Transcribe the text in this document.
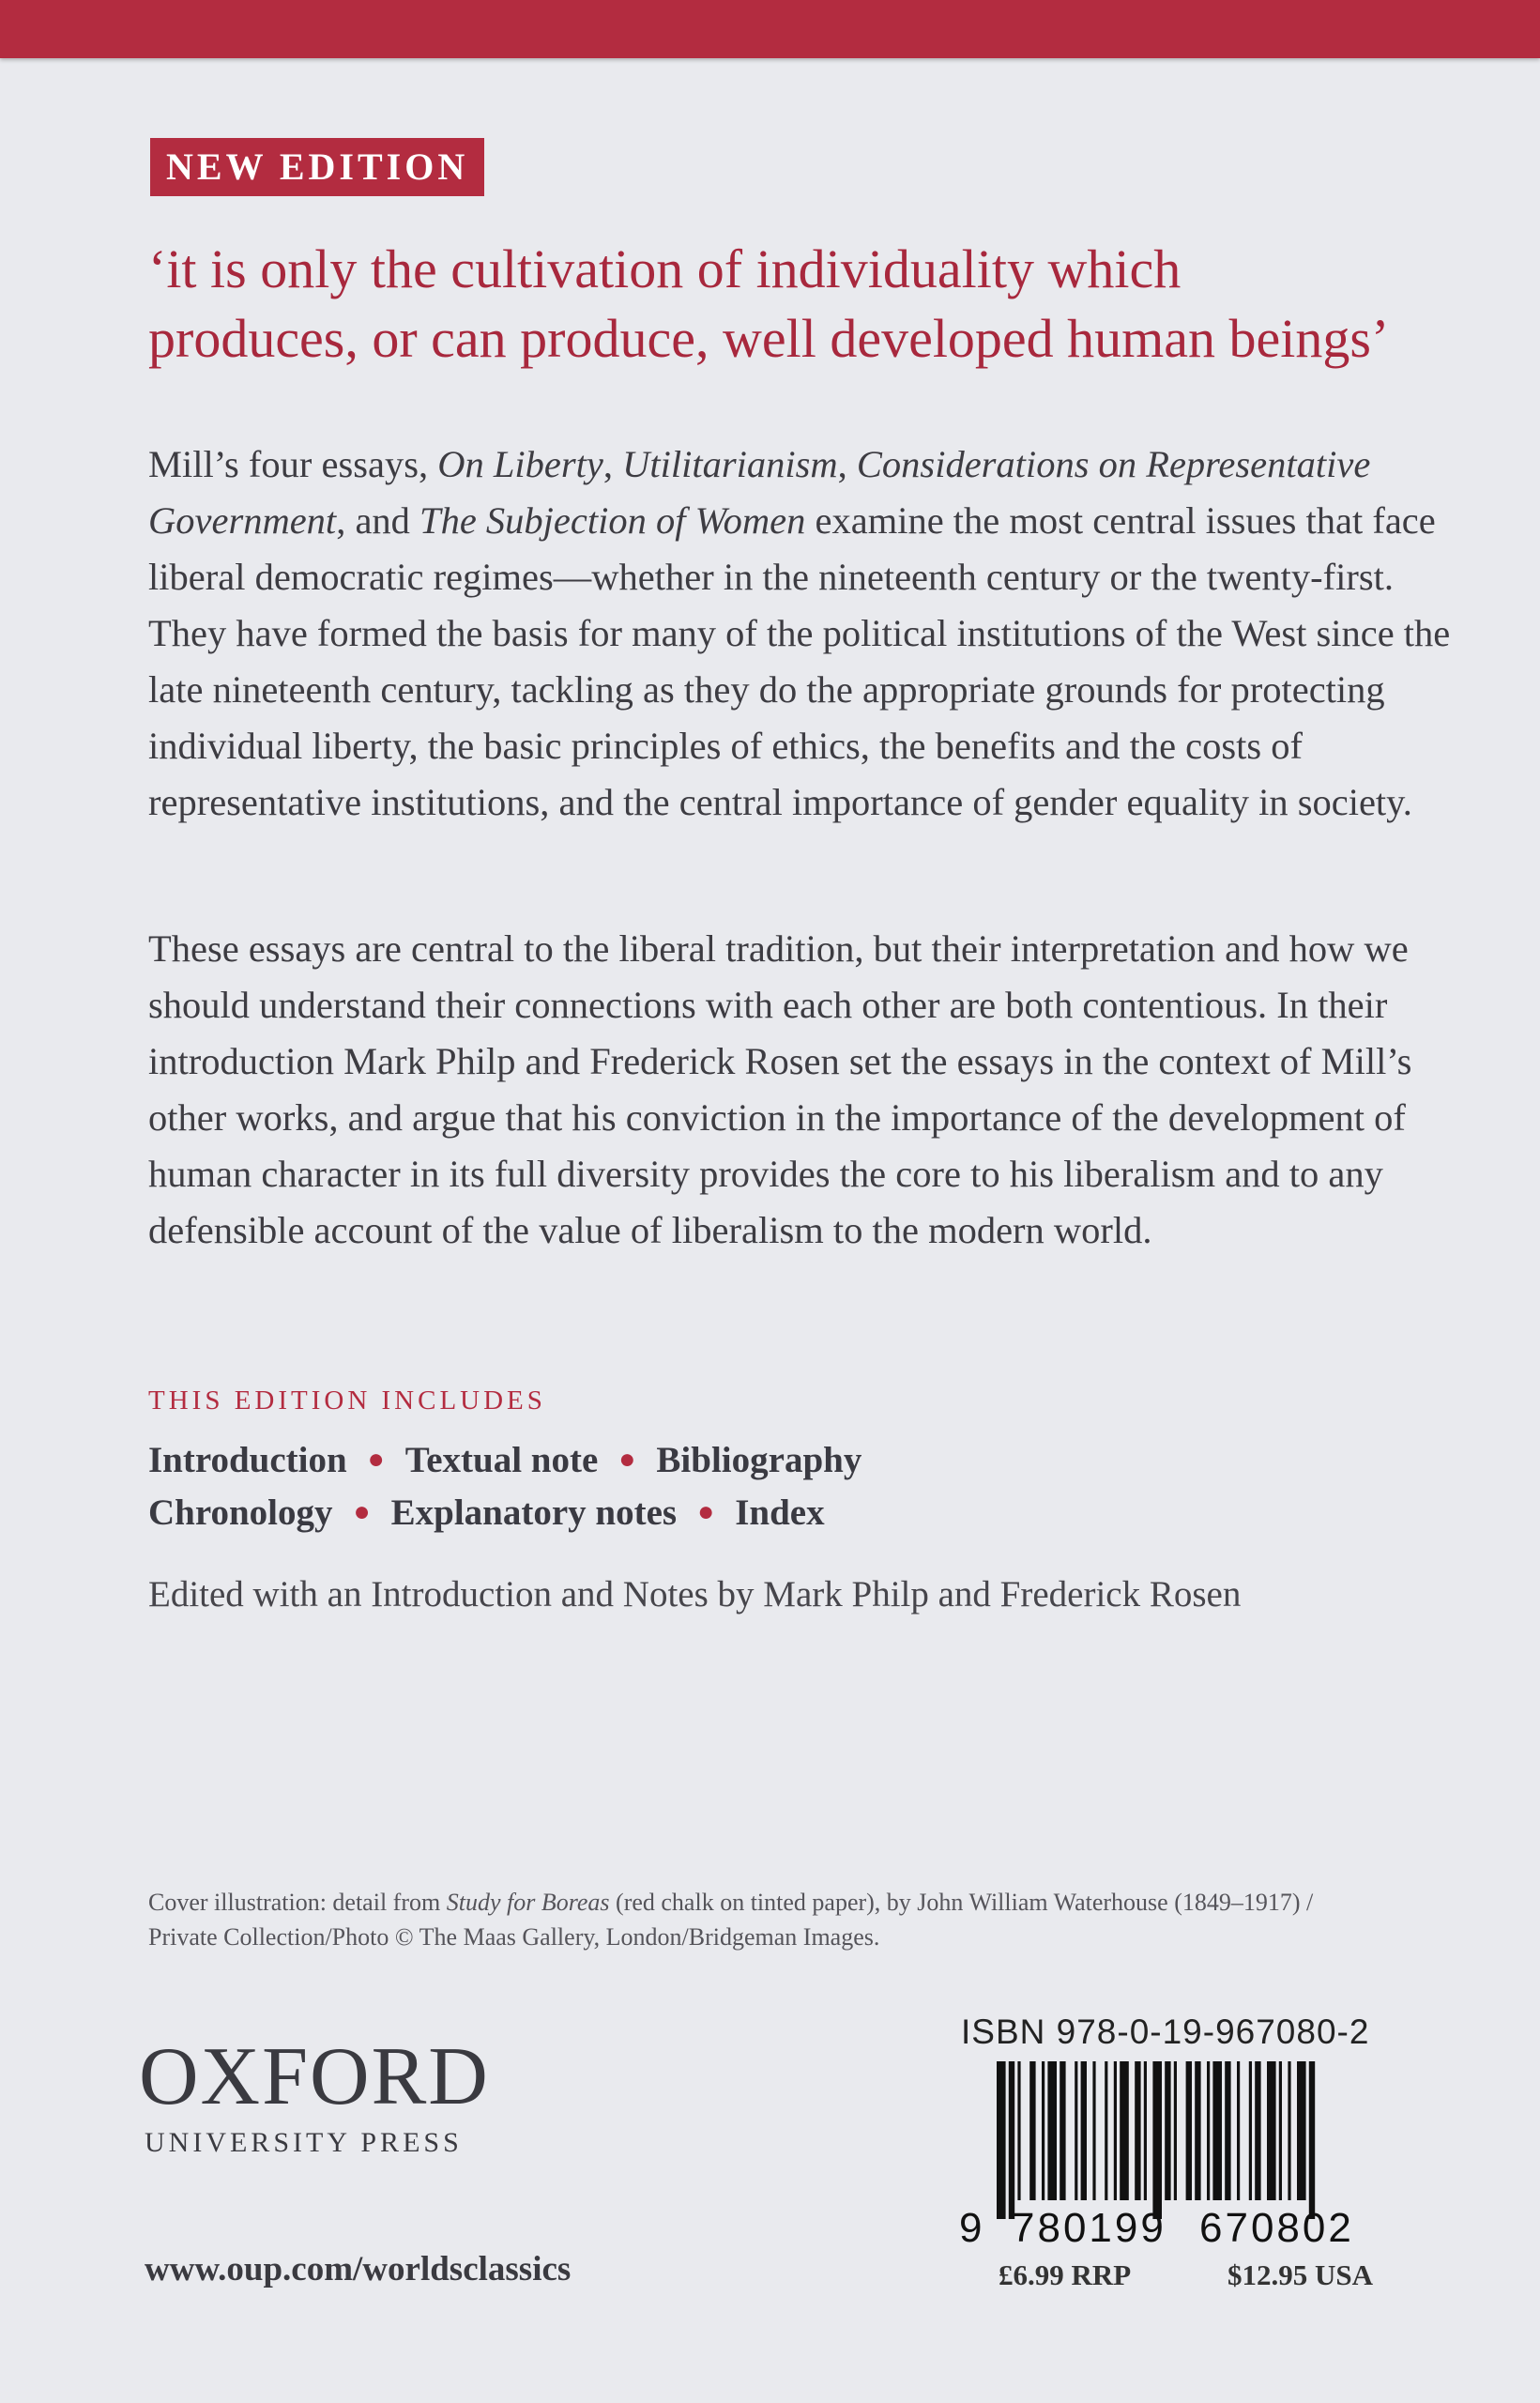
NEW EDITION

‘it is only the cultivation of individuality which
produces, or can produce, well developed human beings’

Mill’s four essays, On Liberty, Utilitarianism, Considerations on Representative Government, and The Subjection of Women examine the most central issues that face liberal democratic regimes—whether in the nineteenth century or the twenty-first. They have formed the basis for many of the political institutions of the West since the late nineteenth century, tackling as they do the appropriate grounds for protecting individual liberty, the basic principles of ethics, the benefits and the costs of representative institutions, and the central importance of gender equality in society.

These essays are central to the liberal tradition, but their interpretation and how we should understand their connections with each other are both contentious. In their introduction Mark Philp and Frederick Rosen set the essays in the context of Mill’s other works, and argue that his conviction in the importance of the development of human character in its full diversity provides the core to his liberalism and to any defensible account of the value of liberalism to the modern world.

THIS EDITION INCLUDES

Introduction ● Textual note ● Bibliography

Chronology ● Explanatory notes ● Index

Edited with an Introduction and Notes by Mark Philp and Frederick Rosen

Cover illustration: detail from Study for Boreas (red chalk on tinted paper), by John William Waterhouse (1849–1917) / Private Collection/Photo © The Maas Gallery, London/Bridgeman Images.

OXFORD
UNIVERSITY PRESS
www.oup.com/worldsclassics
ISBN 978-0-19-967080-2
9 780199 670802
£6.99 RRP	$12.95 USA
